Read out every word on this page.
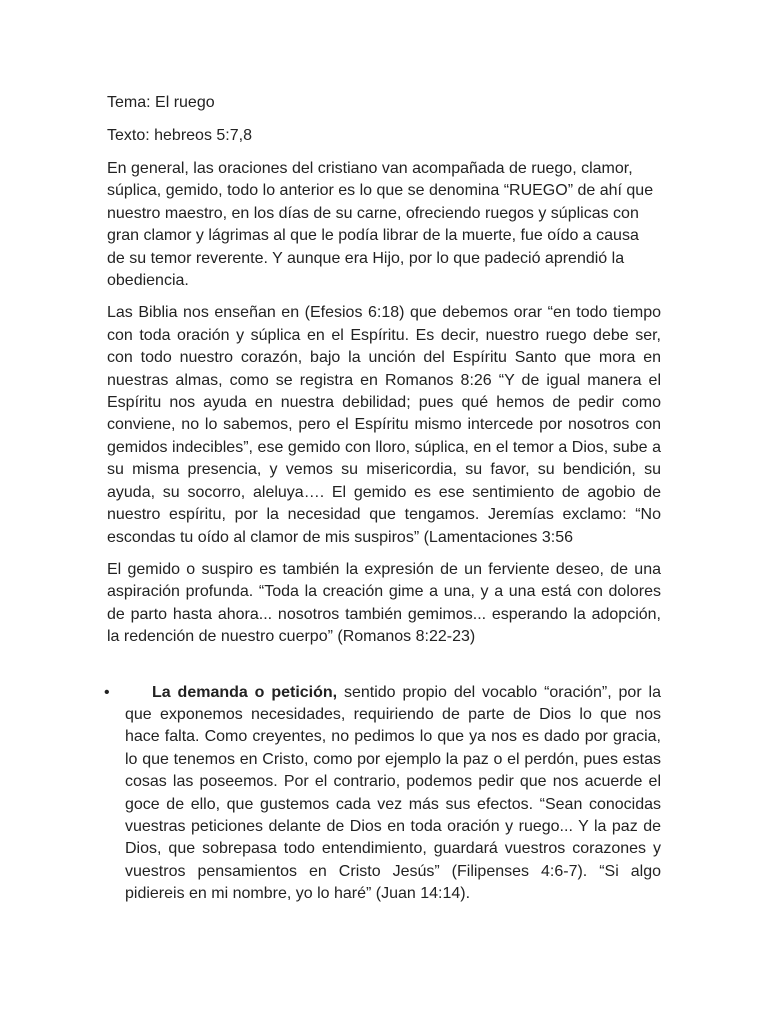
Tema: El ruego

Texto: hebreos 5:7,8

En general, las oraciones del cristiano van acompañada de ruego, clamor, súplica, gemido, todo lo anterior es lo que se denomina “RUEGO” de ahí que nuestro maestro, en los días de su carne, ofreciendo ruegos y súplicas con gran clamor y lágrimas al que le podía librar de la muerte, fue oído a causa de su temor reverente. Y aunque era Hijo, por lo que padeció aprendió la obediencia.

Las Biblia nos enseñan en (Efesios 6:18) que debemos orar “en todo tiempo con toda oración y súplica en el Espíritu. Es decir, nuestro ruego debe ser, con todo nuestro corazón, bajo la unción del Espíritu Santo que mora en nuestras almas, como se registra en Romanos 8:26 “Y de igual manera el Espíritu nos ayuda en nuestra debilidad; pues qué hemos de pedir como conviene, no lo sabemos, pero el Espíritu mismo intercede por nosotros con gemidos indecibles”, ese gemido con lloro, súplica, en el temor a Dios, sube a su misma presencia, y vemos su misericordia, su favor, su bendición, su ayuda, su socorro, aleluya…. El gemido es ese sentimiento de agobio de nuestro espíritu, por la necesidad que tengamos. Jeremías exclamo: “No escondas tu oído al clamor de mis suspiros” (Lamentaciones 3:56

El gemido o suspiro es también la expresión de un ferviente deseo, de una aspiración profunda. “Toda la creación gime a una, y a una está con dolores de parto hasta ahora... nosotros también gemimos... esperando la adopción, la redención de nuestro cuerpo” (Romanos 8:22-23)

•	La demanda o petición, sentido propio del vocablo “oración”, por la que exponemos necesidades, requiriendo de parte de Dios lo que nos hace falta. Como creyentes, no pedimos lo que ya nos es dado por gracia, lo que tenemos en Cristo, como por ejemplo la paz o el perdón, pues estas cosas las poseemos. Por el contrario, podemos pedir que nos acuerde el goce de ello, que gustemos cada vez más sus efectos. “Sean conocidas vuestras peticiones delante de Dios en toda oración y ruego... Y la paz de Dios, que sobrepasa todo entendimiento, guardará vuestros corazones y vuestros pensamientos en Cristo Jesús” (Filipenses 4:6-7). “Si algo pidiereis en mi nombre, yo lo haré” (Juan 14:14).
